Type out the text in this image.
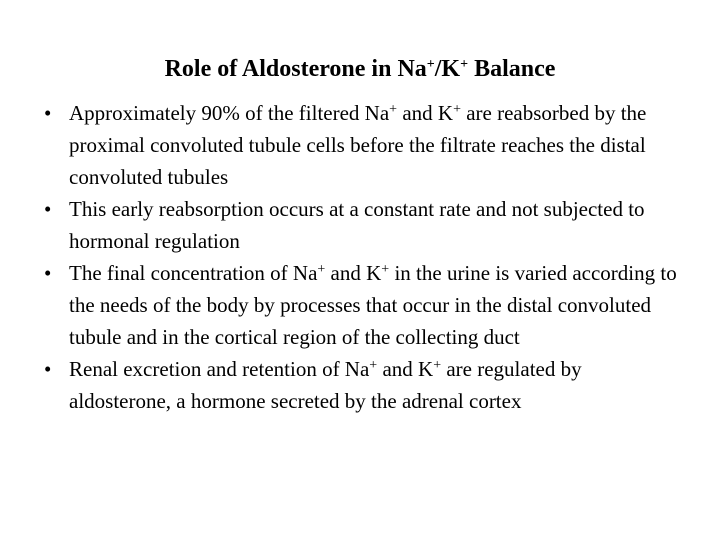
Role of Aldosterone in Na+/K+ Balance
• Approximately 90% of the filtered Na+ and K+ are reabsorbed by the proximal convoluted tubule cells before the filtrate reaches the distal convoluted tubules
• This early reabsorption occurs at a constant rate and not subjected to hormonal regulation
• The final concentration of Na+ and K+ in the urine is varied according to the needs of the body by processes that occur in the distal convoluted tubule and in the cortical region of the collecting duct
• Renal excretion and retention of Na+ and K+ are regulated by aldosterone, a hormone secreted by the adrenal cortex
